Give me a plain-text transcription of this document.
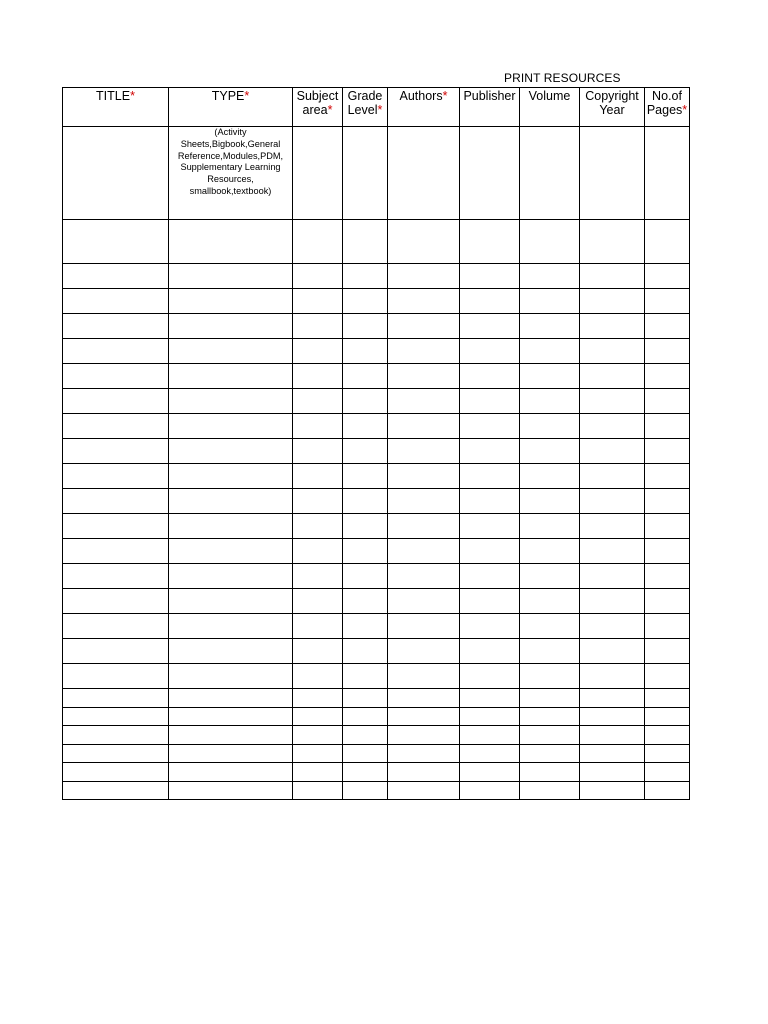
PRINT RESOURCES
TITLE*	TYPE*	Subject area*	Grade Level*	Authors*	Publisher	Volume	Copyright Year	No.of Pages*

	(Activity Sheets,Bigbook,General Reference,Modules,PDM, Supplementary Learning Resources, smallbook,textbook)							
